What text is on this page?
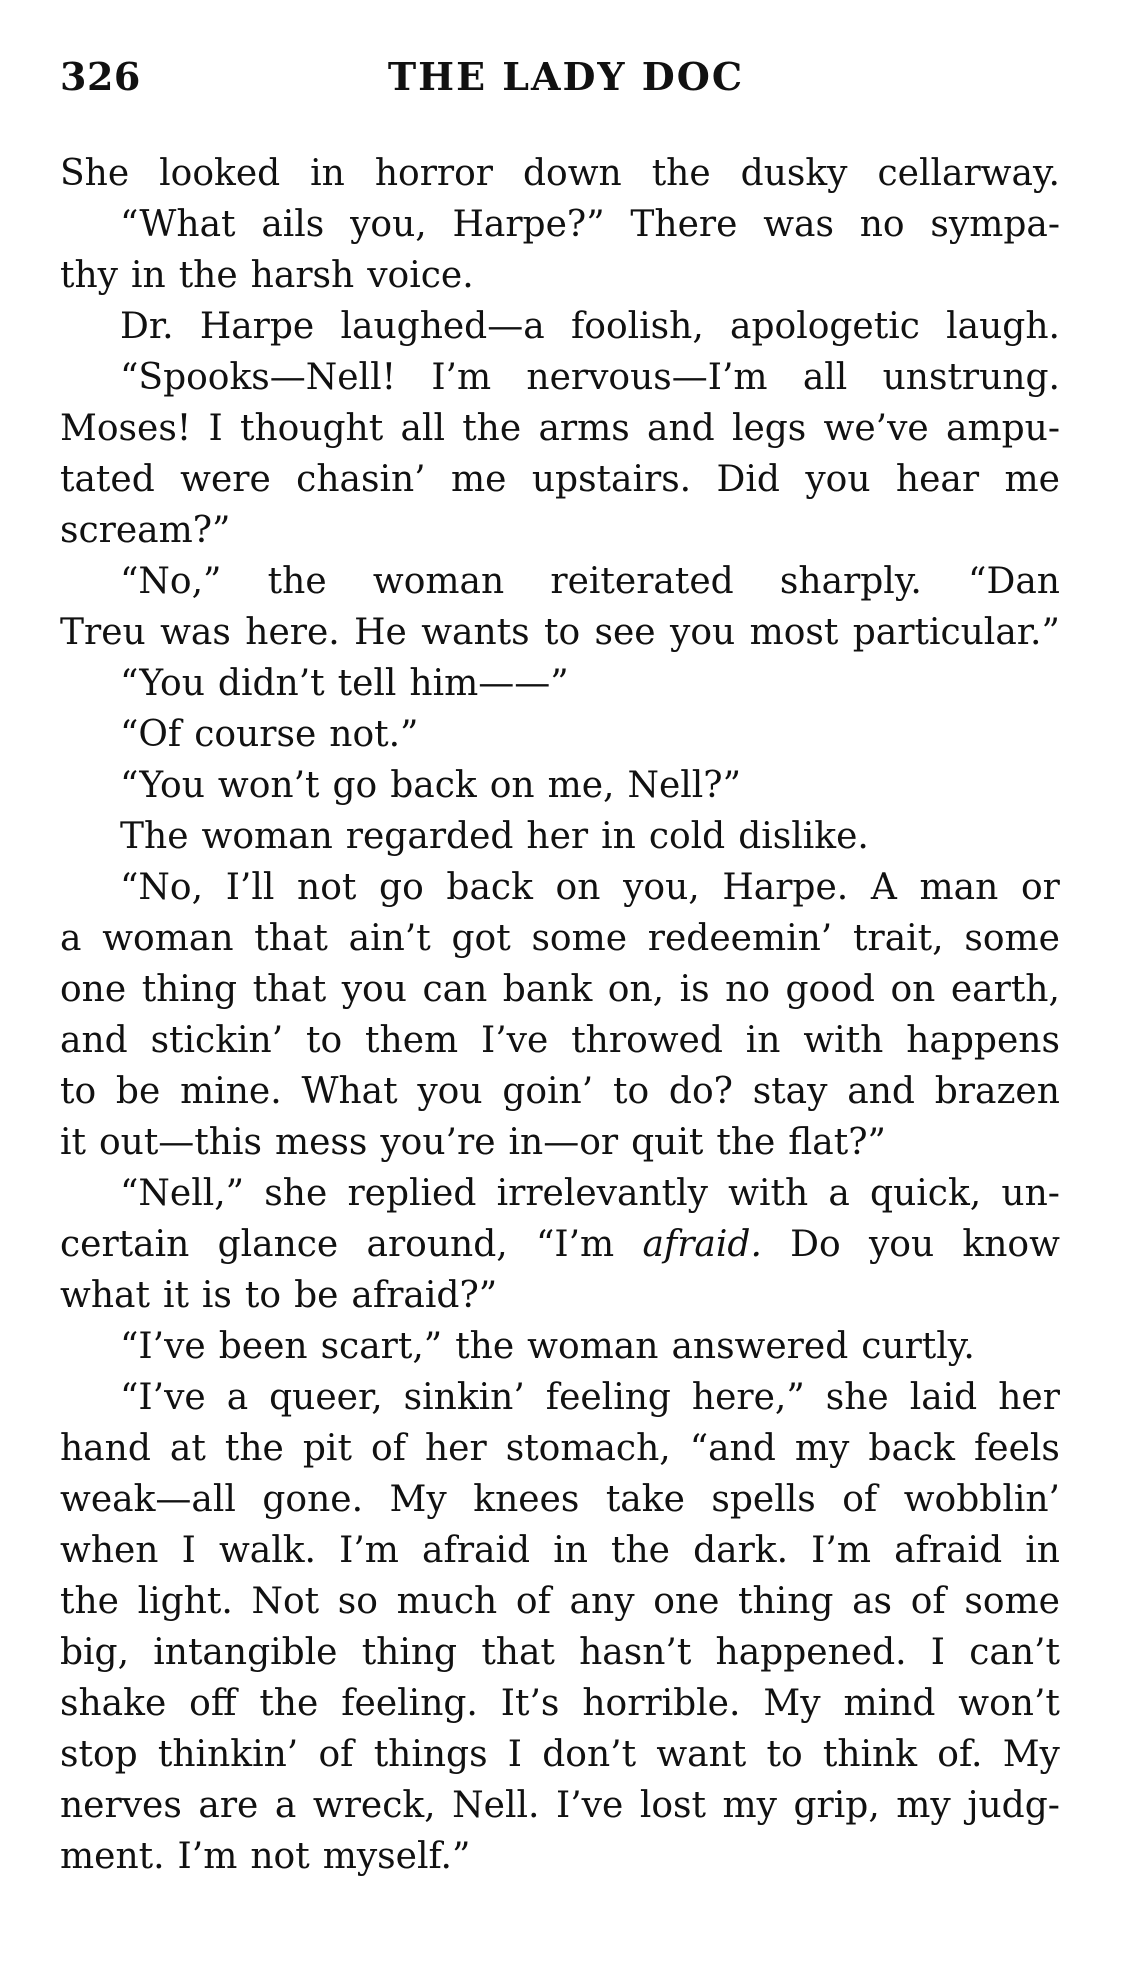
326	THE LADY DOC
She looked in horror down the dusky cellarway.
“What ails you, Harpe?” There was no sympa-
thy in the harsh voice.
Dr. Harpe laughed—a foolish, apologetic laugh.
“Spooks—Nell! I’m nervous—I’m all unstrung.
Moses! I thought all the arms and legs we’ve ampu-
tated were chasin’ me upstairs. Did you hear me
scream?”
“No,” the woman reiterated sharply. “Dan
Treu was here. He wants to see you most particular.”
“You didn’t tell him——”
“Of course not.”
“You won’t go back on me, Nell?”
The woman regarded her in cold dislike.
“No, I’ll not go back on you, Harpe. A man or
a woman that ain’t got some redeemin’ trait, some
one thing that you can bank on, is no good on earth,
and stickin’ to them I’ve throwed in with happens
to be mine. What you goin’ to do? stay and brazen
it out—this mess you’re in—or quit the flat?”
“Nell,” she replied irrelevantly with a quick, un-
certain glance around, “I’m afraid. Do you know
what it is to be afraid?”
“I’ve been scart,” the woman answered curtly.
“I’ve a queer, sinkin’ feeling here,” she laid her
hand at the pit of her stomach, “and my back feels
weak—all gone. My knees take spells of wobblin’
when I walk. I’m afraid in the dark. I’m afraid in
the light. Not so much of any one thing as of some
big, intangible thing that hasn’t happened. I can’t
shake off the feeling. It’s horrible. My mind won’t
stop thinkin’ of things I don’t want to think of. My
nerves are a wreck, Nell. I’ve lost my grip, my judg-
ment. I’m not myself.”
